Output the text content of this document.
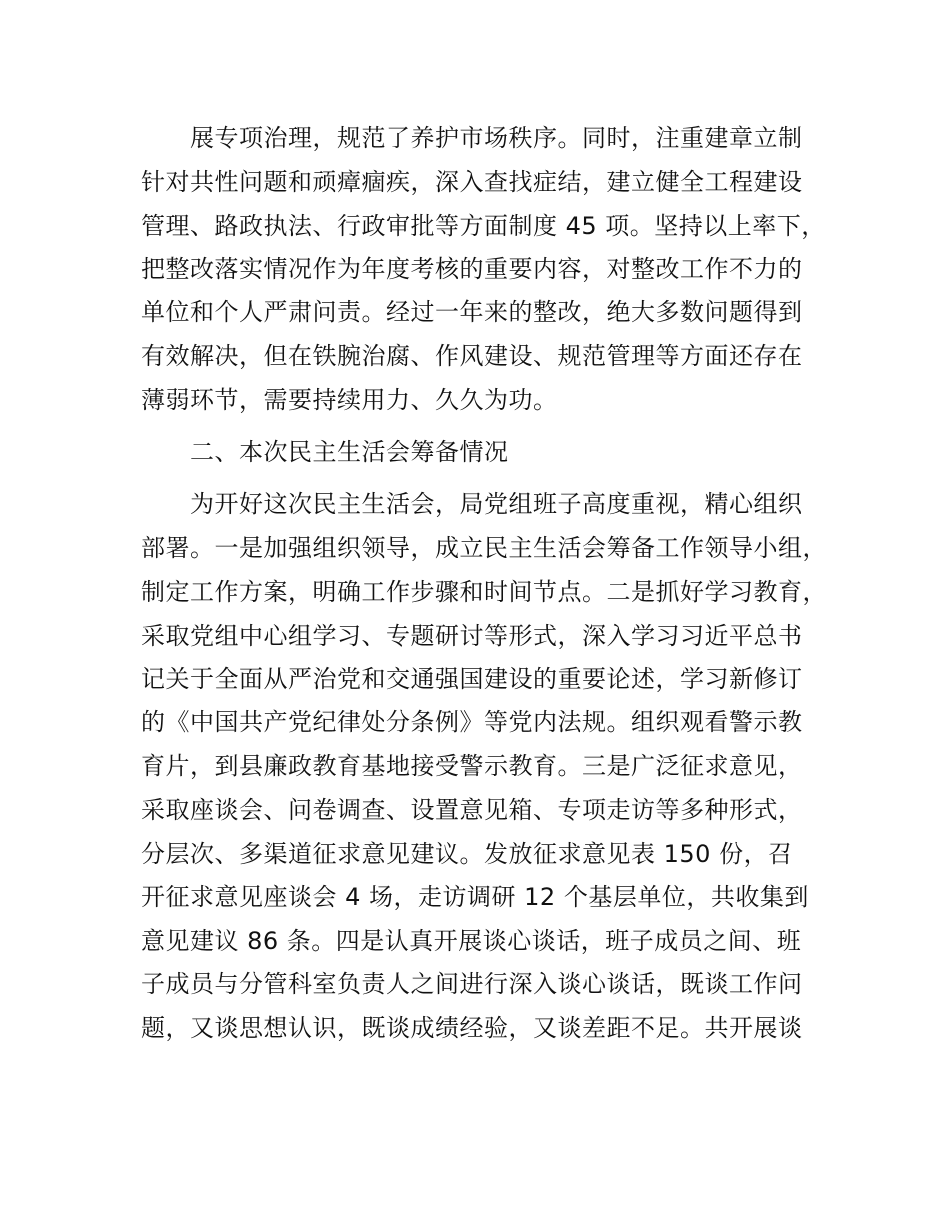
展专项治理，规范了养护市场秩序。同时，注重建章立制
针对共性问题和顽瘴痼疾，深入查找症结，建立健全工程建设
管理、路政执法、行政审批等方面制度 45 项。坚持以上率下，
把整改落实情况作为年度考核的重要内容，对整改工作不力的
单位和个人严肃问责。经过一年来的整改，绝大多数问题得到
有效解决，但在铁腕治腐、作风建设、规范管理等方面还存在
薄弱环节，需要持续用力、久久为功。
二、本次民主生活会筹备情况
为开好这次民主生活会，局党组班子高度重视，精心组织
部署。一是加强组织领导，成立民主生活会筹备工作领导小组，
制定工作方案，明确工作步骤和时间节点。二是抓好学习教育，
采取党组中心组学习、专题研讨等形式，深入学习习近平总书
记关于全面从严治党和交通强国建设的重要论述，学习新修订
的《中国共产党纪律处分条例》等党内法规。组织观看警示教
育片，到县廉政教育基地接受警示教育。三是广泛征求意见，
采取座谈会、问卷调查、设置意见箱、专项走访等多种形式，
分层次、多渠道征求意见建议。发放征求意见表 150 份，召
开征求意见座谈会 4 场，走访调研 12 个基层单位，共收集到
意见建议 86 条。四是认真开展谈心谈话，班子成员之间、班
子成员与分管科室负责人之间进行深入谈心谈话，既谈工作问
题，又谈思想认识，既谈成绩经验，又谈差距不足。共开展谈
